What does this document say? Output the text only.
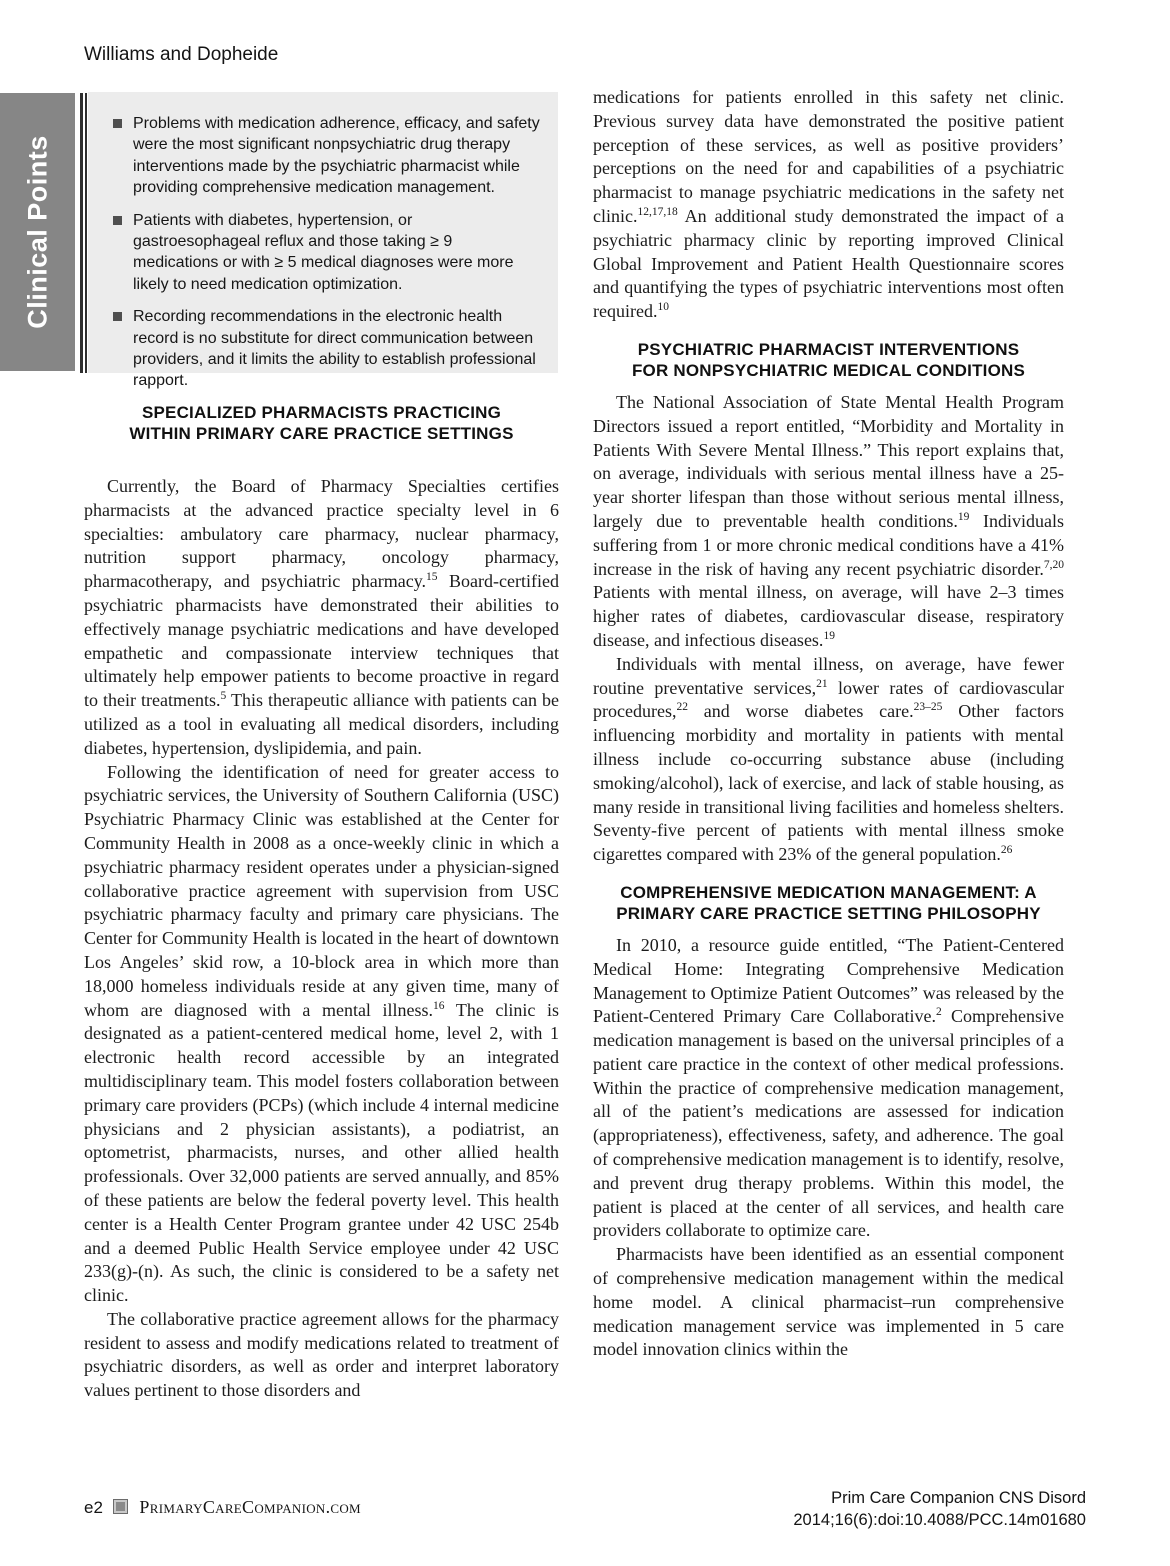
Williams and Dopheide
Clinical Points
Problems with medication adherence, efficacy, and safety were the most significant nonpsychiatric drug therapy interventions made by the psychiatric pharmacist while providing comprehensive medication management.
Patients with diabetes, hypertension, or gastroesophageal reflux and those taking ≥ 9 medications or with ≥ 5 medical diagnoses were more likely to need medication optimization.
Recording recommendations in the electronic health record is no substitute for direct communication between providers, and it limits the ability to establish professional rapport.
SPECIALIZED PHARMACISTS PRACTICING
WITHIN PRIMARY CARE PRACTICE SETTINGS

Currently, the Board of Pharmacy Specialties certifies pharmacists at the advanced practice specialty level in 6 specialties: ambulatory care pharmacy, nuclear pharmacy, nutrition support pharmacy, oncology pharmacy, pharmacotherapy, and psychiatric pharmacy.$^{15}$ Board-certified psychiatric pharmacists have demonstrated their abilities to effectively manage psychiatric medications and have developed empathetic and compassionate interview techniques that ultimately help empower patients to become proactive in regard to their treatments.$^5$ This therapeutic alliance with patients can be utilized as a tool in evaluating all medical disorders, including diabetes, hypertension, dyslipidemia, and pain.

Following the identification of need for greater access to psychiatric services, the University of Southern California (USC) Psychiatric Pharmacy Clinic was established at the Center for Community Health in 2008 as a once-weekly clinic in which a psychiatric pharmacy resident operates under a physician-signed collaborative practice agreement with supervision from USC psychiatric pharmacy faculty and primary care physicians. The Center for Community Health is located in the heart of downtown Los Angeles’ skid row, a 10-block area in which more than 18,000 homeless individuals reside at any given time, many of whom are diagnosed with a mental illness.$^{16}$ The clinic is designated as a patient-centered medical home, level 2, with 1 electronic health record accessible by an integrated multidisciplinary team. This model fosters collaboration between primary care providers (PCPs) (which include 4 internal medicine physicians and 2 physician assistants), a podiatrist, an optometrist, pharmacists, nurses, and other allied health professionals. Over 32,000 patients are served annually, and 85% of these patients are below the federal poverty level. This health center is a Health Center Program grantee under 42 USC 254b and a deemed Public Health Service employee under 42 USC 233(g)-(n). As such, the clinic is considered to be a safety net clinic.

The collaborative practice agreement allows for the pharmacy resident to assess and modify medications related to treatment of psychiatric disorders, as well as order and interpret laboratory values pertinent to those disorders and

medications for patients enrolled in this safety net clinic. Previous survey data have demonstrated the positive patient perception of these services, as well as positive providers’ perceptions on the need for and capabilities of a psychiatric pharmacist to manage psychiatric medications in the safety net clinic.$^{12,17,18}$ An additional study demonstrated the impact of a psychiatric pharmacy clinic by reporting improved Clinical Global Improvement and Patient Health Questionnaire scores and quantifying the types of psychiatric interventions most often required.$^{10}$

PSYCHIATRIC PHARMACIST INTERVENTIONS
FOR NONPSYCHIATRIC MEDICAL CONDITIONS

The National Association of State Mental Health Program Directors issued a report entitled, “Morbidity and Mortality in Patients With Severe Mental Illness.” This report explains that, on average, individuals with serious mental illness have a 25-year shorter lifespan than those without serious mental illness, largely due to preventable health conditions.$^{19}$ Individuals suffering from 1 or more chronic medical conditions have a 41% increase in the risk of having any recent psychiatric disorder.$^{7,20}$ Patients with mental illness, on average, will have 2–3 times higher rates of diabetes, cardiovascular disease, respiratory disease, and infectious diseases.$^{19}$

Individuals with mental illness, on average, have fewer routine preventative services,$^{21}$ lower rates of cardiovascular procedures,$^{22}$ and worse diabetes care.$^{23-25}$ Other factors influencing morbidity and mortality in patients with mental illness include co-occurring substance abuse (including smoking/alcohol), lack of exercise, and lack of stable housing, as many reside in transitional living facilities and homeless shelters. Seventy-five percent of patients with mental illness smoke cigarettes compared with 23% of the general population.$^{26}$

COMPREHENSIVE MEDICATION MANAGEMENT: A
PRIMARY CARE PRACTICE SETTING PHILOSOPHY

In 2010, a resource guide entitled, “The Patient-Centered Medical Home: Integrating Comprehensive Medication Management to Optimize Patient Outcomes” was released by the Patient-Centered Primary Care Collaborative.$^2$ Comprehensive medication management is based on the universal principles of a patient care practice in the context of other medical professions. Within the practice of comprehensive medication management, all of the patient’s medications are assessed for indication (appropriateness), effectiveness, safety, and adherence. The goal of comprehensive medication management is to identify, resolve, and prevent drug therapy problems. Within this model, the patient is placed at the center of all services, and health care providers collaborate to optimize care.

Pharmacists have been identified as an essential component of comprehensive medication management within the medical home model. A clinical pharmacist–run comprehensive medication management service was implemented in 5 care model innovation clinics within the

e2 PrimaryCareCompanion.com	Prim Care Companion CNS Disord
2014;16(6):doi:10.4088/PCC.14m01680
